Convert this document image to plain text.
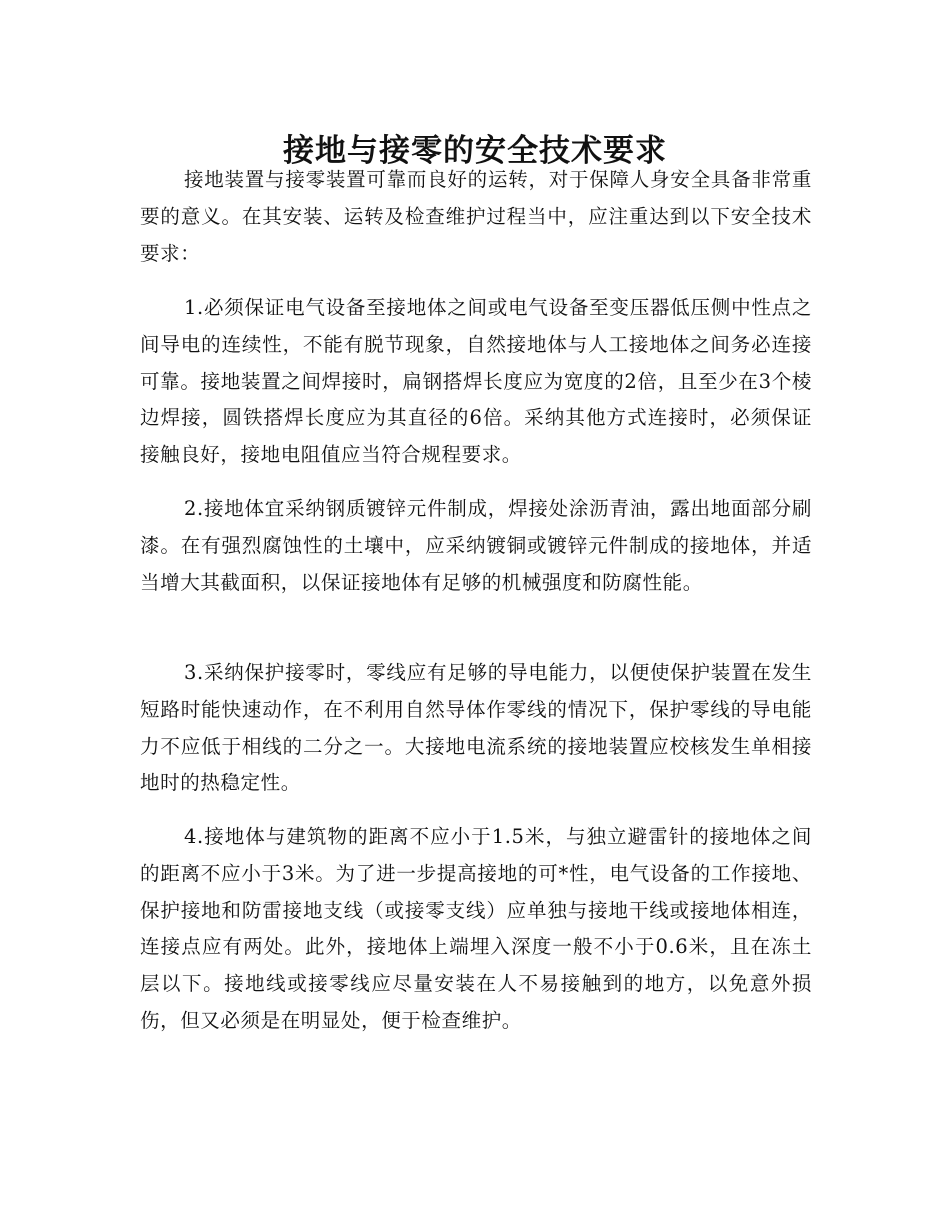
接地与接零的安全技术要求

接地装置与接零装置可靠而良好的运转，对于保障人身安全具备非常重要的意义。在其安装、运转及检查维护过程当中，应注重达到以下安全技术要求：

1.必须保证电气设备至接地体之间或电气设备至变压器低压侧中性点之间导电的连续性，不能有脱节现象，自然接地体与人工接地体之间务必连接可靠。接地装置之间焊接时，扁钢搭焊长度应为宽度的2倍，且至少在3个棱边焊接，圆铁搭焊长度应为其直径的6倍。采纳其他方式连接时，必须保证接触良好，接地电阻值应当符合规程要求。

2.接地体宜采纳钢质镀锌元件制成，焊接处涂沥青油，露出地面部分刷漆。在有强烈腐蚀性的土壤中，应采纳镀铜或镀锌元件制成的接地体，并适当增大其截面积，以保证接地体有足够的机械强度和防腐性能。

3.采纳保护接零时，零线应有足够的导电能力，以便使保护装置在发生短路时能快速动作，在不利用自然导体作零线的情况下，保护零线的导电能力不应低于相线的二分之一。大接地电流系统的接地装置应校核发生单相接地时的热稳定性。

4.接地体与建筑物的距离不应小于1.5米，与独立避雷针的接地体之间的距离不应小于3米。为了进一步提高接地的可*性，电气设备的工作接地、保护接地和防雷接地支线（或接零支线）应单独与接地干线或接地体相连，连接点应有两处。此外，接地体上端埋入深度一般不小于0.6米，且在冻土层以下。接地线或接零线应尽量安装在人不易接触到的地方，以免意外损伤，但又必须是在明显处，便于检查维护。
